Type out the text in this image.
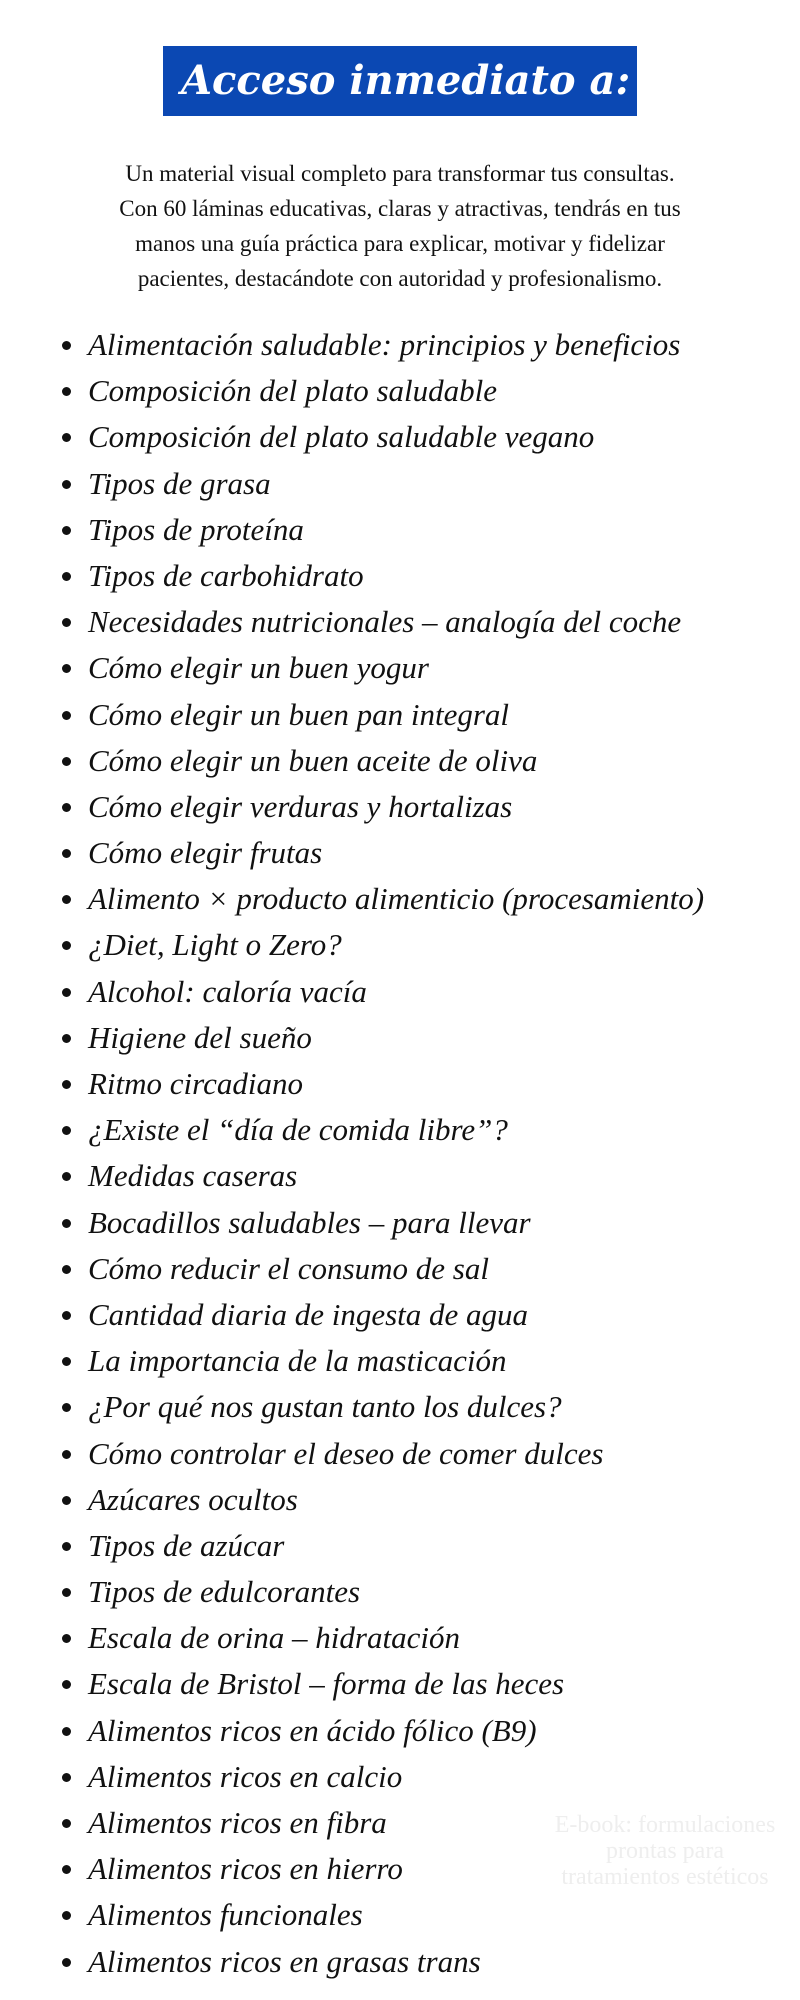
Acceso inmediato a:

Un material visual completo para transformar tus consultas.

Con 60 láminas educativas, claras y atractivas, tendrás en tus

manos una guía práctica para explicar, motivar y fidelizar

pacientes, destacándote con autoridad y profesionalismo.

Alimentación saludable: principios y beneficios
Composición del plato saludable
Composición del plato saludable vegano
Tipos de grasa
Tipos de proteína
Tipos de carbohidrato
Necesidades nutricionales – analogía del coche
Cómo elegir un buen yogur
Cómo elegir un buen pan integral
Cómo elegir un buen aceite de oliva
Cómo elegir verduras y hortalizas
Cómo elegir frutas
Alimento × producto alimenticio (procesamiento)
¿Diet, Light o Zero?
Alcohol: caloría vacía
Higiene del sueño
Ritmo circadiano
¿Existe el “día de comida libre”?
Medidas caseras
Bocadillos saludables – para llevar
Cómo reducir el consumo de sal
Cantidad diaria de ingesta de agua
La importancia de la masticación
¿Por qué nos gustan tanto los dulces?
Cómo controlar el deseo de comer dulces
Azúcares ocultos
Tipos de azúcar
Tipos de edulcorantes
Escala de orina – hidratación
Escala de Bristol – forma de las heces
Alimentos ricos en ácido fólico (B9)
Alimentos ricos en calcio
Alimentos ricos en fibra
Alimentos ricos en hierro
Alimentos funcionales
Alimentos ricos en grasas trans

E-book: formulaciones

prontas para

tratamientos estéticos
